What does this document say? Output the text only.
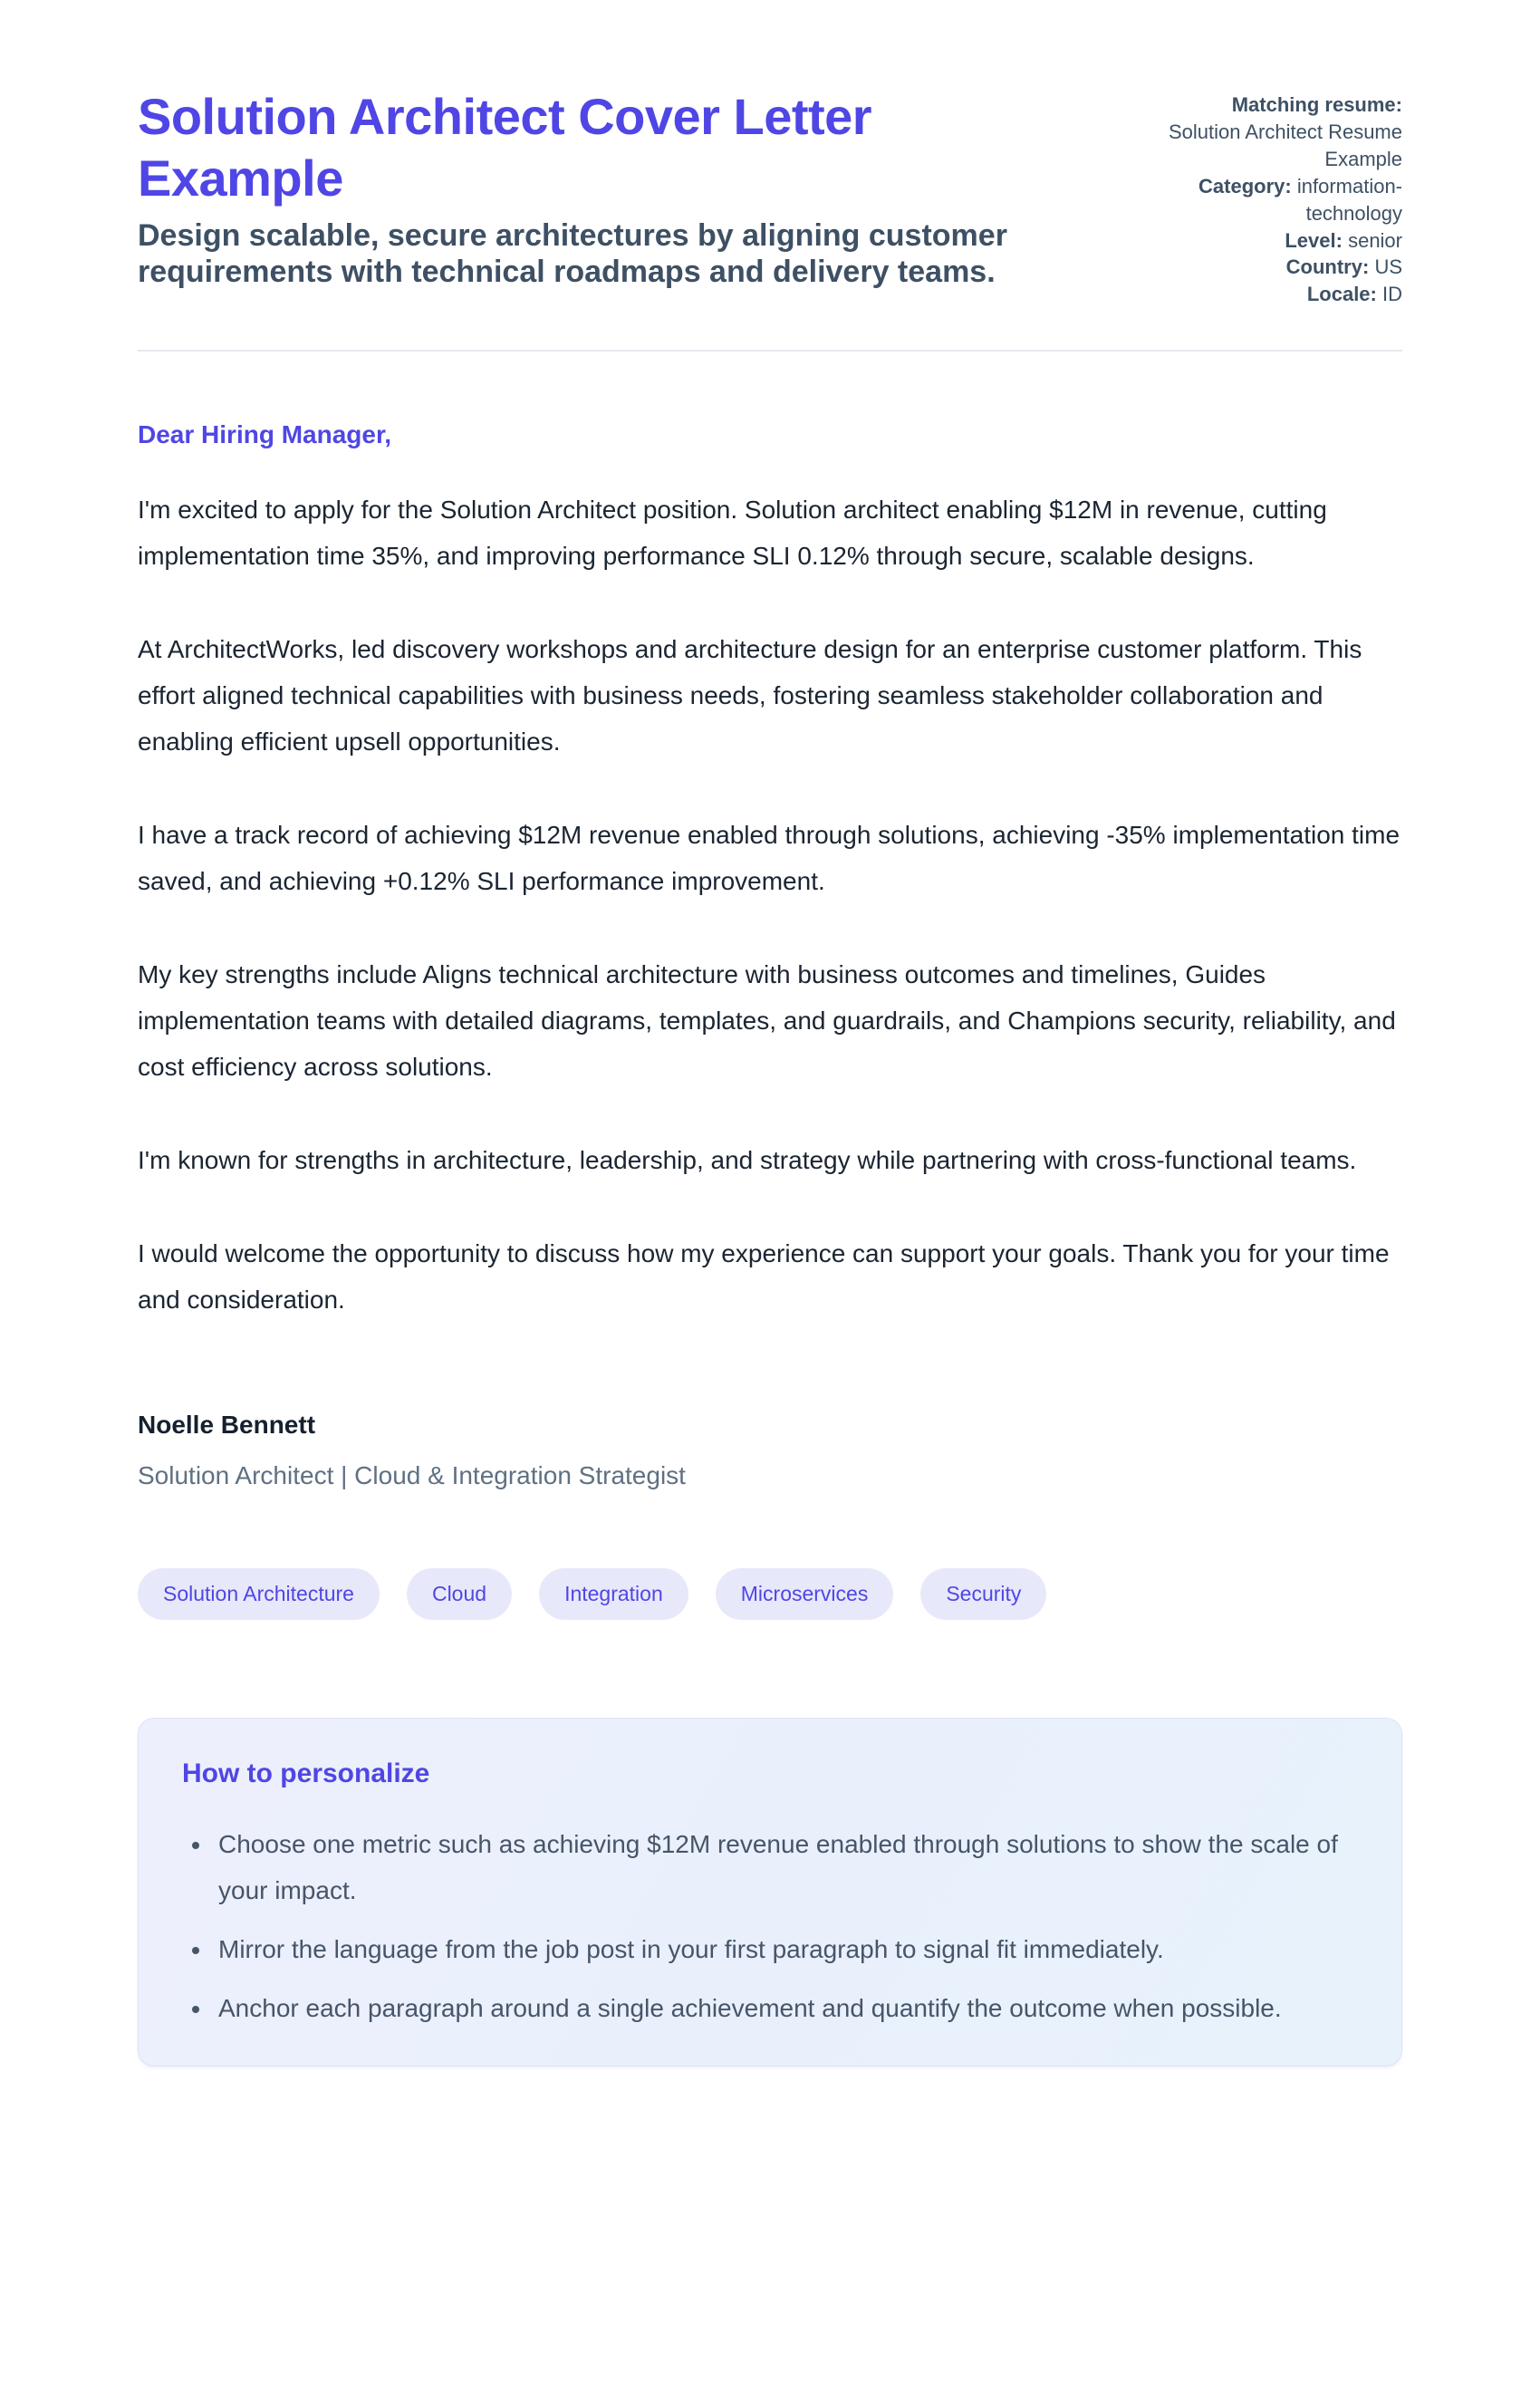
Solution Architect Cover Letter Example

Design scalable, secure architectures by aligning customer requirements with technical roadmaps and delivery teams.

Matching resume: Solution Architect Resume Example
Category: information-technology
Level: senior
Country: US
Locale: ID

Dear Hiring Manager,

I'm excited to apply for the Solution Architect position. Solution architect enabling $12M in revenue, cutting implementation time 35%, and improving performance SLI 0.12% through secure, scalable designs.

At ArchitectWorks, led discovery workshops and architecture design for an enterprise customer platform. This effort aligned technical capabilities with business needs, fostering seamless stakeholder collaboration and enabling efficient upsell opportunities.

I have a track record of achieving $12M revenue enabled through solutions, achieving -35% implementation time saved, and achieving +0.12% SLI performance improvement.

My key strengths include Aligns technical architecture with business outcomes and timelines, Guides implementation teams with detailed diagrams, templates, and guardrails, and Champions security, reliability, and cost efficiency across solutions.

I'm known for strengths in architecture, leadership, and strategy while partnering with cross-functional teams.

I would welcome the opportunity to discuss how my experience can support your goals. Thank you for your time and consideration.

Noelle Bennett

Solution Architect | Cloud & Integration Strategist

Solution Architecture	Cloud	Integration	Microservices	Security
How to personalize
• Choose one metric such as achieving $12M revenue enabled through solutions to show the scale of your impact.
• Mirror the language from the job post in your first paragraph to signal fit immediately.
• Anchor each paragraph around a single achievement and quantify the outcome when possible.
